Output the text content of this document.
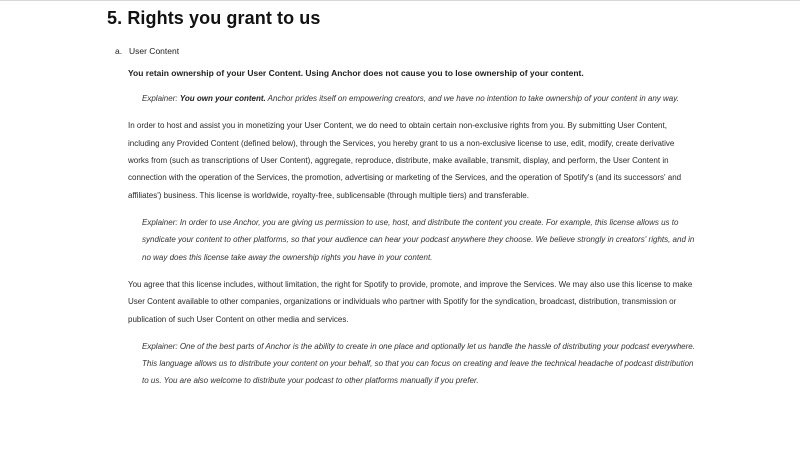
5. Rights you grant to us
a. User Content
You retain ownership of your User Content. Using Anchor does not cause you to lose ownership of your content.
Explainer: You own your content. Anchor prides itself on empowering creators, and we have no intention to take ownership of your content in any way.
In order to host and assist you in monetizing your User Content, we do need to obtain certain non-exclusive rights from you. By submitting User Content, including any Provided Content (defined below), through the Services, you hereby grant to us a non-exclusive license to use, edit, modify, create derivative works from (such as transcriptions of User Content), aggregate, reproduce, distribute, make available, transmit, display, and perform, the User Content in connection with the operation of the Services, the promotion, advertising or marketing of the Services, and the operation of Spotify's (and its successors' and affiliates') business. This license is worldwide, royalty-free, sublicensable (through multiple tiers) and transferable.
Explainer: In order to use Anchor, you are giving us permission to use, host, and distribute the content you create. For example, this license allows us to syndicate your content to other platforms, so that your audience can hear your podcast anywhere they choose. We believe strongly in creators' rights, and in no way does this license take away the ownership rights you have in your content.
You agree that this license includes, without limitation, the right for Spotify to provide, promote, and improve the Services. We may also use this license to make User Content available to other companies, organizations or individuals who partner with Spotify for the syndication, broadcast, distribution, transmission or publication of such User Content on other media and services.
Explainer: One of the best parts of Anchor is the ability to create in one place and optionally let us handle the hassle of distributing your podcast everywhere. This language allows us to distribute your content on your behalf, so that you can focus on creating and leave the technical headache of podcast distribution to us. You are also welcome to distribute your podcast to other platforms manually if you prefer.
